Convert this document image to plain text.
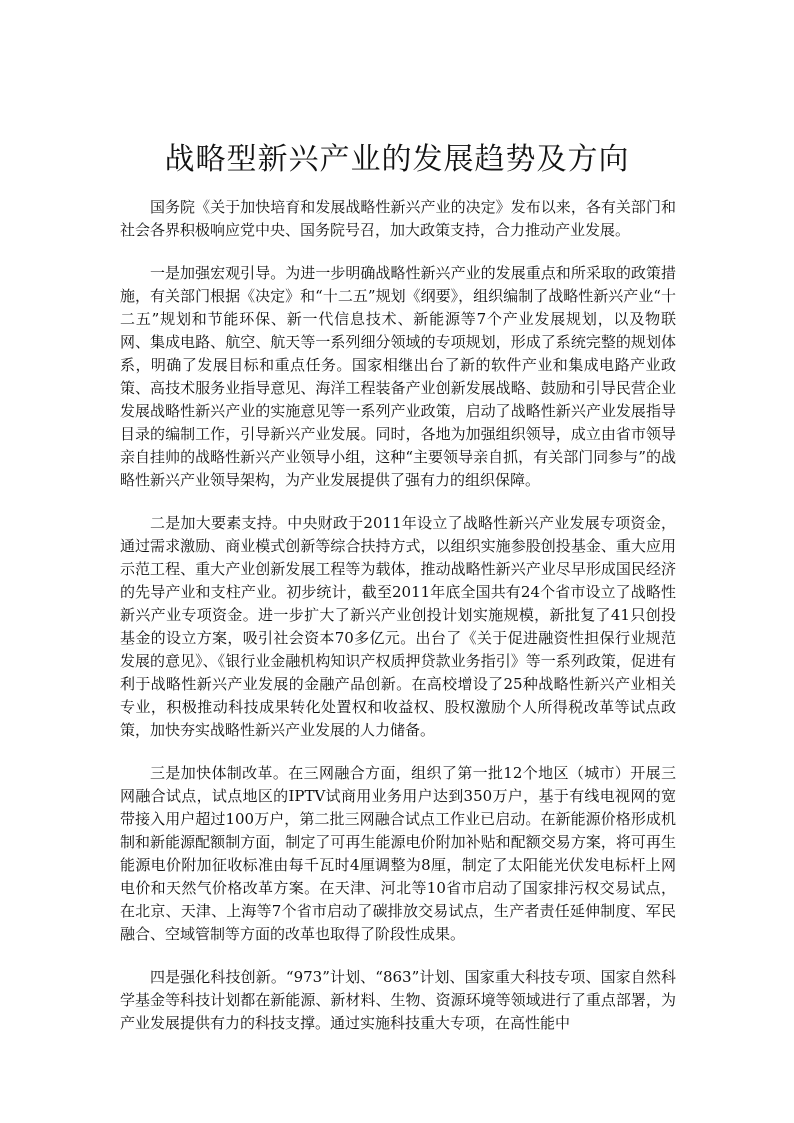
战略型新兴产业的发展趋势及方向

国务院《关于加快培育和发展战略性新兴产业的决定》发布以来，各有关部门和社会各界积极响应党中央、国务院号召，加大政策支持，合力推动产业发展。

一是加强宏观引导。为进一步明确战略性新兴产业的发展重点和所采取的政策措施，有关部门根据《决定》和“十二五”规划《纲要》，组织编制了战略性新兴产业“十二五”规划和节能环保、新一代信息技术、新能源等7个产业发展规划，以及物联网、集成电路、航空、航天等一系列细分领域的专项规划，形成了系统完整的规划体系，明确了发展目标和重点任务。国家相继出台了新的软件产业和集成电路产业政策、高技术服务业指导意见、海洋工程装备产业创新发展战略、鼓励和引导民营企业发展战略性新兴产业的实施意见等一系列产业政策，启动了战略性新兴产业发展指导目录的编制工作，引导新兴产业发展。同时，各地为加强组织领导，成立由省市领导亲自挂帅的战略性新兴产业领导小组，这种“主要领导亲自抓，有关部门同参与”的战略性新兴产业领导架构，为产业发展提供了强有力的组织保障。

二是加大要素支持。中央财政于2011年设立了战略性新兴产业发展专项资金，通过需求激励、商业模式创新等综合扶持方式，以组织实施参股创投基金、重大应用示范工程、重大产业创新发展工程等为载体，推动战略性新兴产业尽早形成国民经济的先导产业和支柱产业。初步统计，截至2011年底全国共有24个省市设立了战略性新兴产业专项资金。进一步扩大了新兴产业创投计划实施规模，新批复了41只创投基金的设立方案，吸引社会资本70多亿元。出台了《关于促进融资性担保行业规范发展的意见》、《银行业金融机构知识产权质押贷款业务指引》等一系列政策，促进有利于战略性新兴产业发展的金融产品创新。在高校增设了25种战略性新兴产业相关专业，积极推动科技成果转化处置权和收益权、股权激励个人所得税改革等试点政策，加快夯实战略性新兴产业发展的人力储备。

三是加快体制改革。在三网融合方面，组织了第一批12个地区（城市）开展三网融合试点，试点地区的IPTV试商用业务用户达到350万户，基于有线电视网的宽带接入用户超过100万户，第二批三网融合试点工作业已启动。在新能源价格形成机制和新能源配额制方面，制定了可再生能源电价附加补贴和配额交易方案，将可再生能源电价附加征收标准由每千瓦时4厘调整为8厘，制定了太阳能光伏发电标杆上网电价和天然气价格改革方案。在天津、河北等10省市启动了国家排污权交易试点，在北京、天津、上海等7个省市启动了碳排放交易试点，生产者责任延伸制度、军民融合、空域管制等方面的改革也取得了阶段性成果。

四是强化科技创新。“973”计划、“863”计划、国家重大科技专项、国家自然科学基金等科技计划都在新能源、新材料、生物、资源环境等领域进行了重点部署，为产业发展提供有力的科技支撑。通过实施科技重大专项，在高性能中
